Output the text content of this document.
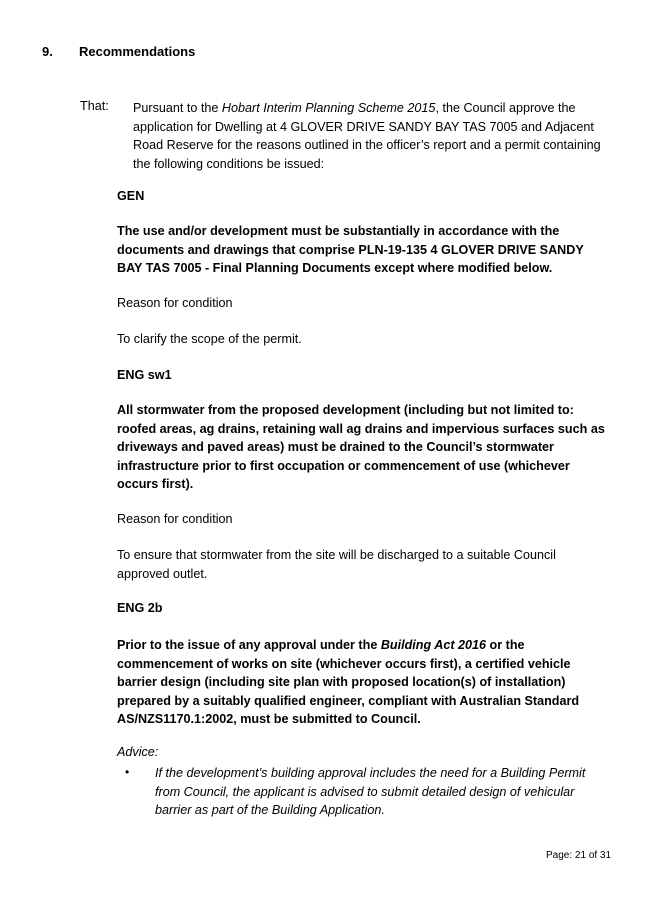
9. Recommendations
That: Pursuant to the Hobart Interim Planning Scheme 2015, the Council approve the application for Dwelling at 4 GLOVER DRIVE SANDY BAY TAS 7005 and Adjacent Road Reserve for the reasons outlined in the officer’s report and a permit containing the following conditions be issued:
GEN
The use and/or development must be substantially in accordance with the documents and drawings that comprise PLN-19-135 4 GLOVER DRIVE SANDY BAY TAS 7005 - Final Planning Documents except where modified below.
Reason for condition
To clarify the scope of the permit.
ENG sw1
All stormwater from the proposed development (including but not limited to: roofed areas, ag drains, retaining wall ag drains and impervious surfaces such as driveways and paved areas) must be drained to the Council’s stormwater infrastructure prior to first occupation or commencement of use (whichever occurs first).
Reason for condition
To ensure that stormwater from the site will be discharged to a suitable Council approved outlet.
ENG 2b
Prior to the issue of any approval under the Building Act 2016 or the commencement of works on site (whichever occurs first), a certified vehicle barrier design (including site plan with proposed location(s) of installation) prepared by a suitably qualified engineer, compliant with Australian Standard AS/NZS1170.1:2002, must be submitted to Council.
Advice:
• If the development’s building approval includes the need for a Building Permit from Council, the applicant is advised to submit detailed design of vehicular barrier as part of the Building Application.
Page: 21 of 31
